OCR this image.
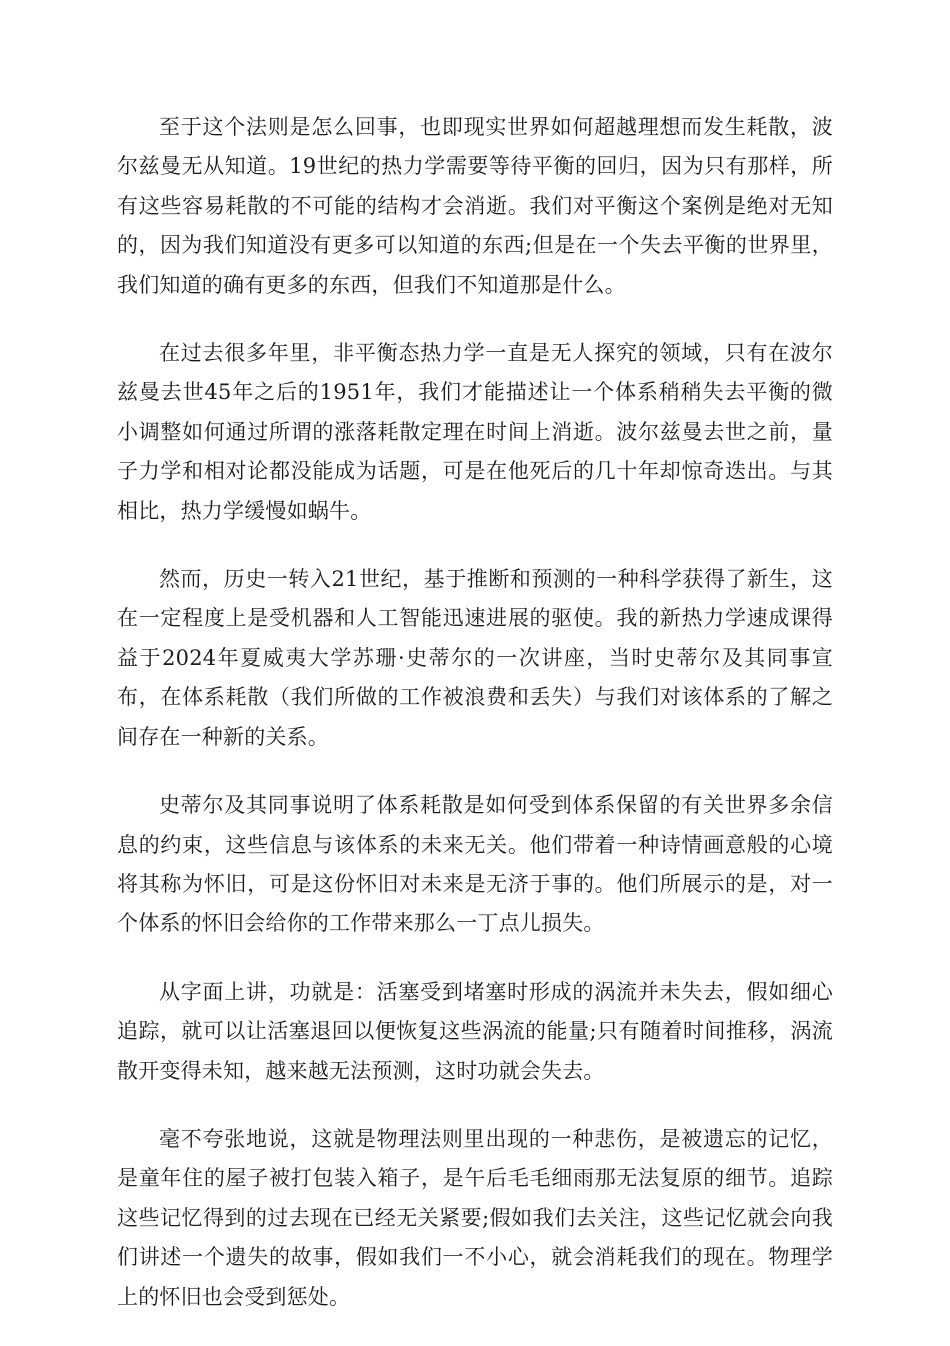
至于这个法则是怎么回事，也即现实世界如何超越理想而发生耗散，波尔兹曼无从知道。19世纪的热力学需要等待平衡的回归，因为只有那样，所有这些容易耗散的不可能的结构才会消逝。我们对平衡这个案例是绝对无知的，因为我们知道没有更多可以知道的东西;但是在一个失去平衡的世界里，我们知道的确有更多的东西，但我们不知道那是什么。

在过去很多年里，非平衡态热力学一直是无人探究的领域，只有在波尔兹曼去世45年之后的1951年，我们才能描述让一个体系稍稍失去平衡的微小调整如何通过所谓的涨落耗散定理在时间上消逝。波尔兹曼去世之前，量子力学和相对论都没能成为话题，可是在他死后的几十年却惊奇迭出。与其相比，热力学缓慢如蜗牛。

然而，历史一转入21世纪，基于推断和预测的一种科学获得了新生，这在一定程度上是受机器和人工智能迅速进展的驱使。我的新热力学速成课得益于2024年夏威夷大学苏珊·史蒂尔的一次讲座，当时史蒂尔及其同事宣布，在体系耗散（我们所做的工作被浪费和丢失）与我们对该体系的了解之间存在一种新的关系。

史蒂尔及其同事说明了体系耗散是如何受到体系保留的有关世界多余信息的约束，这些信息与该体系的未来无关。他们带着一种诗情画意般的心境将其称为怀旧，可是这份怀旧对未来是无济于事的。他们所展示的是，对一个体系的怀旧会给你的工作带来那么一丁点儿损失。

从字面上讲，功就是：活塞受到堵塞时形成的涡流并未失去，假如细心追踪，就可以让活塞退回以便恢复这些涡流的能量;只有随着时间推移，涡流散开变得未知，越来越无法预测，这时功就会失去。

毫不夸张地说，这就是物理法则里出现的一种悲伤，是被遗忘的记忆，是童年住的屋子被打包装入箱子，是午后毛毛细雨那无法复原的细节。追踪这些记忆得到的过去现在已经无关紧要;假如我们去关注，这些记忆就会向我们讲述一个遗失的故事，假如我们一不小心，就会消耗我们的现在。物理学上的怀旧也会受到惩处。
